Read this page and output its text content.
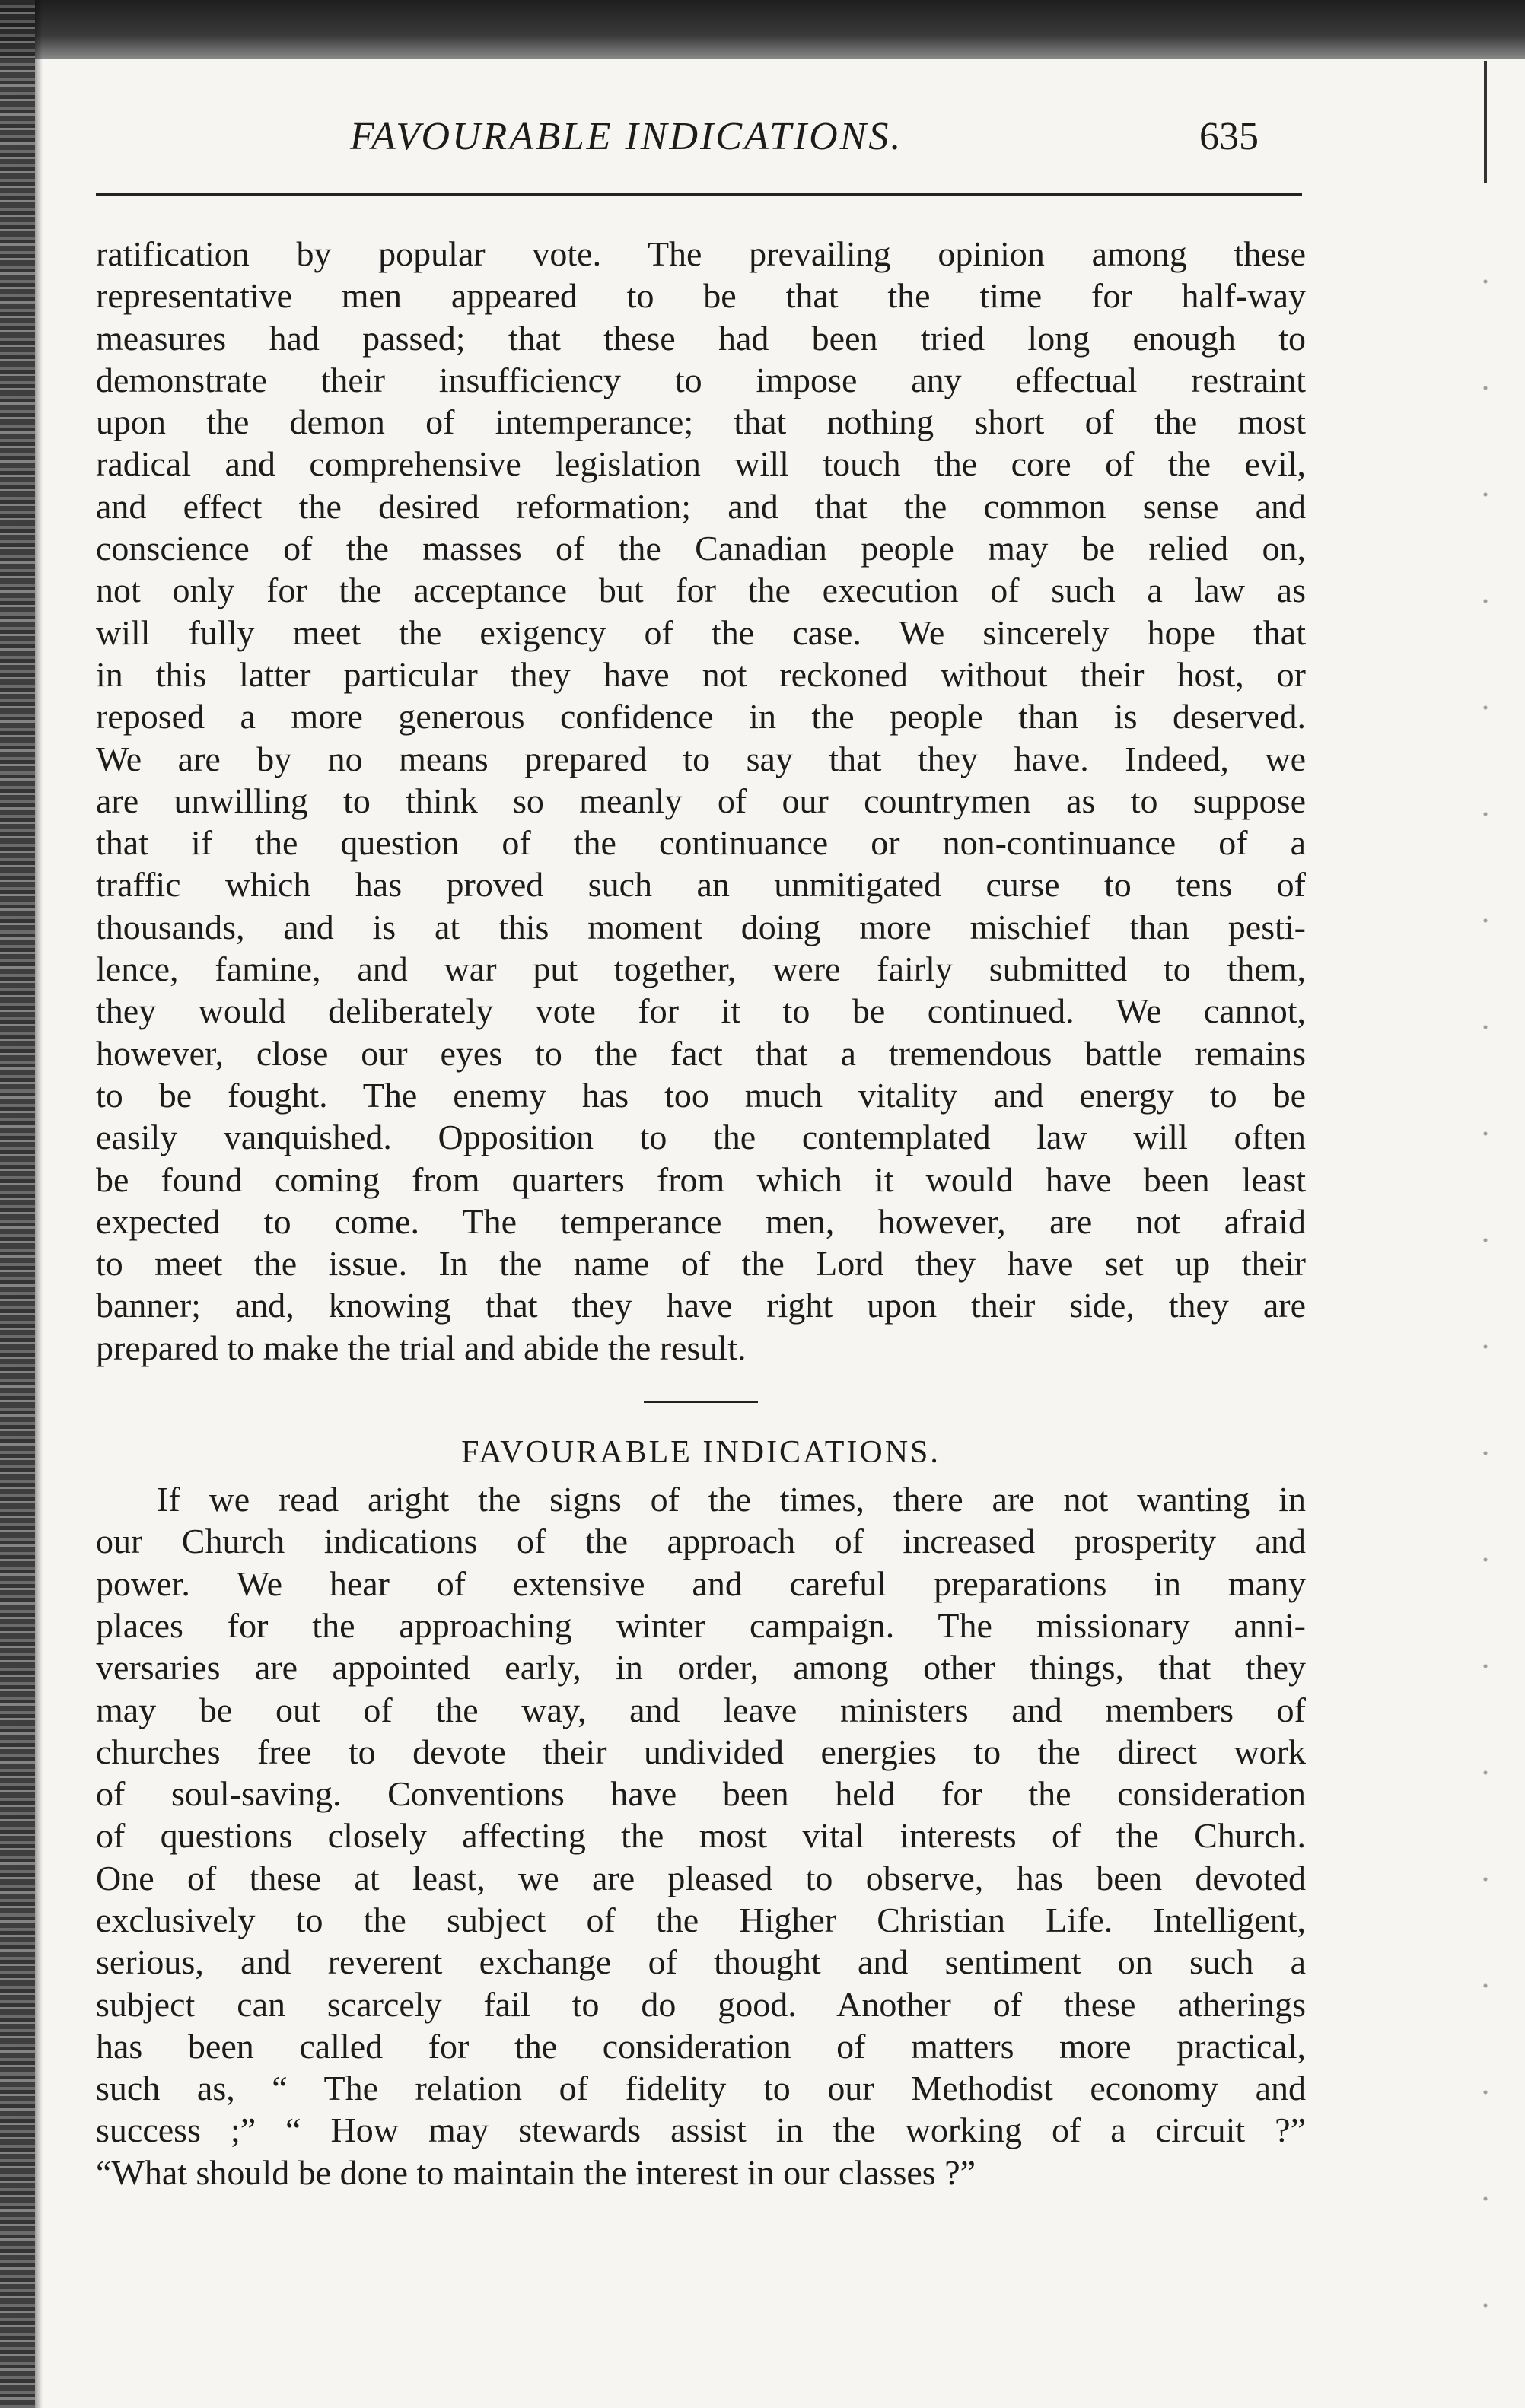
FAVOURABLE INDICATIONS.	635
ratification by popular vote. The prevailing opinion among these
representative men appeared to be that the time for half-way
measures had passed; that these had been tried long enough to
demonstrate their insufficiency to impose any effectual restraint
upon the demon of intemperance; that nothing short of the most
radical and comprehensive legislation will touch the core of the evil,
and effect the desired reformation; and that the common sense and
conscience of the masses of the Canadian people may be relied on,
not only for the acceptance but for the execution of such a law as
will fully meet the exigency of the case. We sincerely hope that
in this latter particular they have not reckoned without their host, or
reposed a more generous confidence in the people than is deserved.
We are by no means prepared to say that they have. Indeed, we
are unwilling to think so meanly of our countrymen as to suppose
that if the question of the continuance or non-continuance of a
traffic which has proved such an unmitigated curse to tens of
thousands, and is at this moment doing more mischief than pesti-
lence, famine, and war put together, were fairly submitted to them,
they would deliberately vote for it to be continued. We cannot,
however, close our eyes to the fact that a tremendous battle remains
to be fought. The enemy has too much vitality and energy to be
easily vanquished. Opposition to the contemplated law will often
be found coming from quarters from which it would have been least
expected to come. The temperance men, however, are not afraid
to meet the issue. In the name of the Lord they have set up their
banner; and, knowing that they have right upon their side, they are
prepared to make the trial and abide the result.
FAVOURABLE INDICATIONS.
If we read aright the signs of the times, there are not wanting in
our Church indications of the approach of increased prosperity and
power. We hear of extensive and careful preparations in many
places for the approaching winter campaign. The missionary anni-
versaries are appointed early, in order, among other things, that they
may be out of the way, and leave ministers and members of
churches free to devote their undivided energies to the direct work
of soul-saving. Conventions have been held for the consideration
of questions closely affecting the most vital interests of the Church.
One of these at least, we are pleased to observe, has been devoted
exclusively to the subject of the Higher Christian Life. Intelligent,
serious, and reverent exchange of thought and sentiment on such a
subject can scarcely fail to do good. Another of these atherings
has been called for the consideration of matters more practical,
such as, “ The relation of fidelity to our Methodist economy and
success ;” “ How may stewards assist in the working of a circuit ?”
“What should be done to maintain the interest in our classes ?”
